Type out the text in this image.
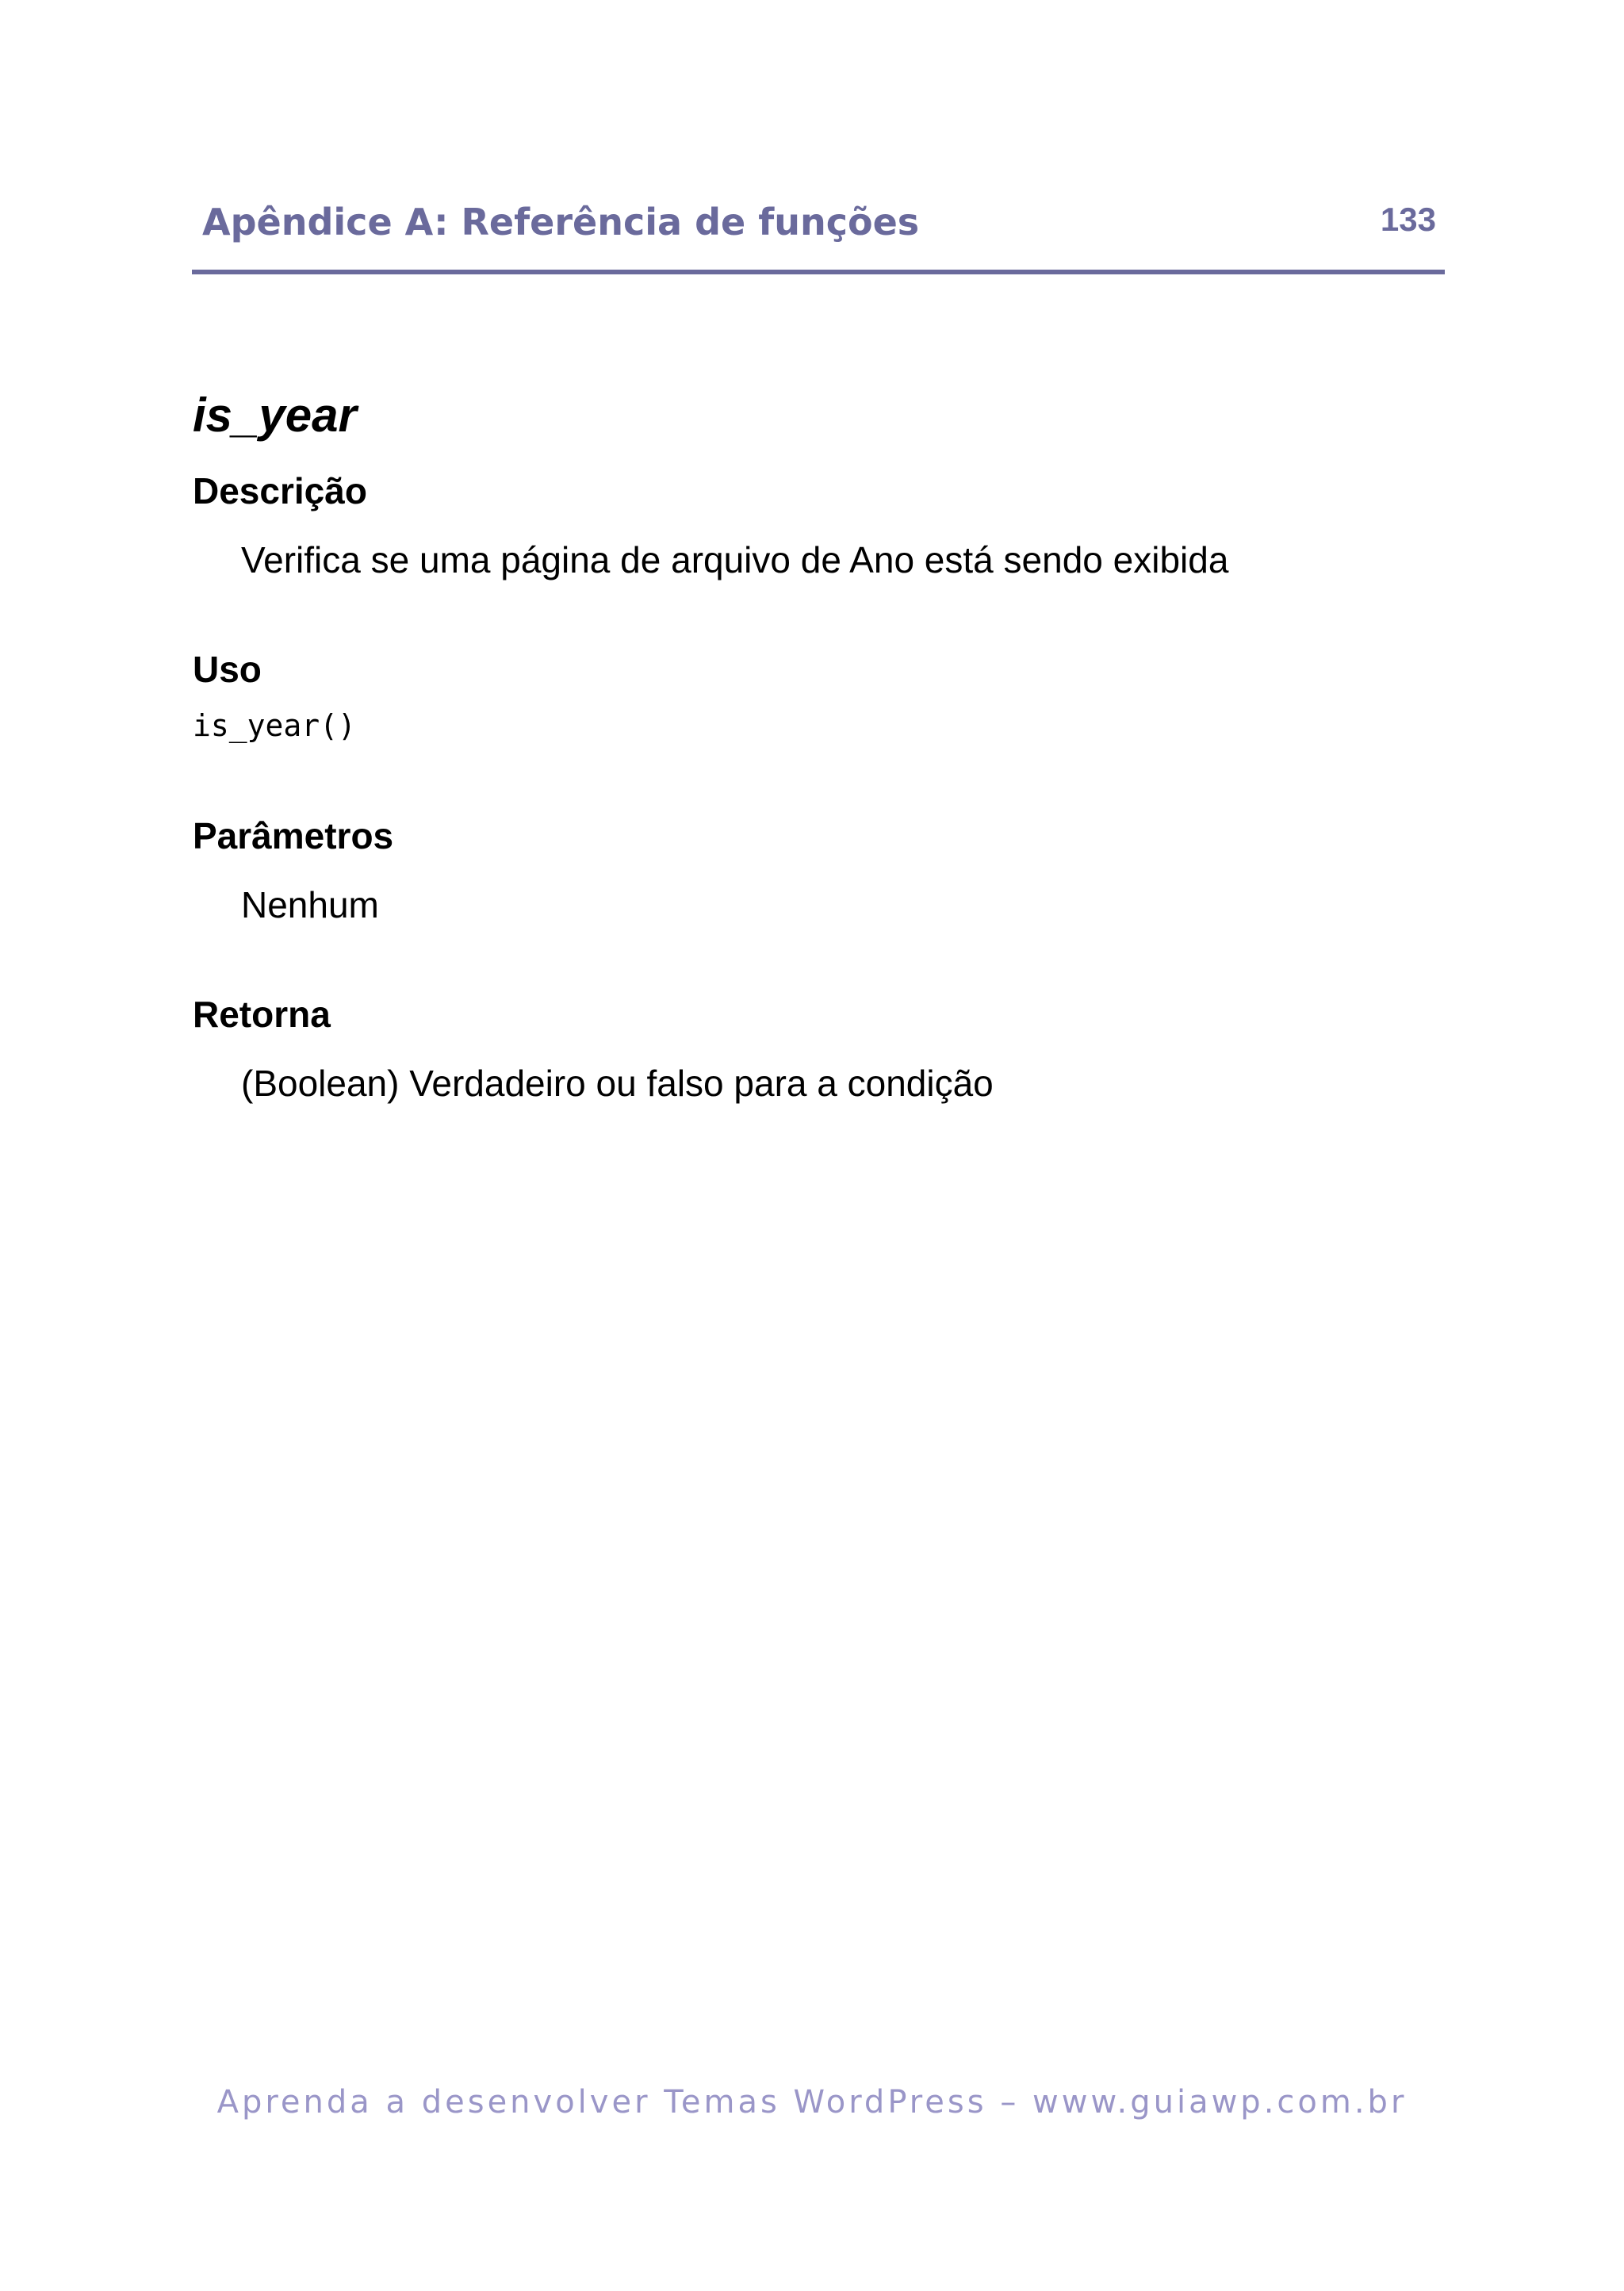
Apêndice A: Referência de funções	133
is_year
Descrição
Verifica se uma página de arquivo de Ano está sendo exibida
Uso
is_year()
Parâmetros
Nenhum
Retorna
(Boolean) Verdadeiro ou falso para a condição
Aprenda a desenvolver Temas WordPress – www.guiawp.com.br
